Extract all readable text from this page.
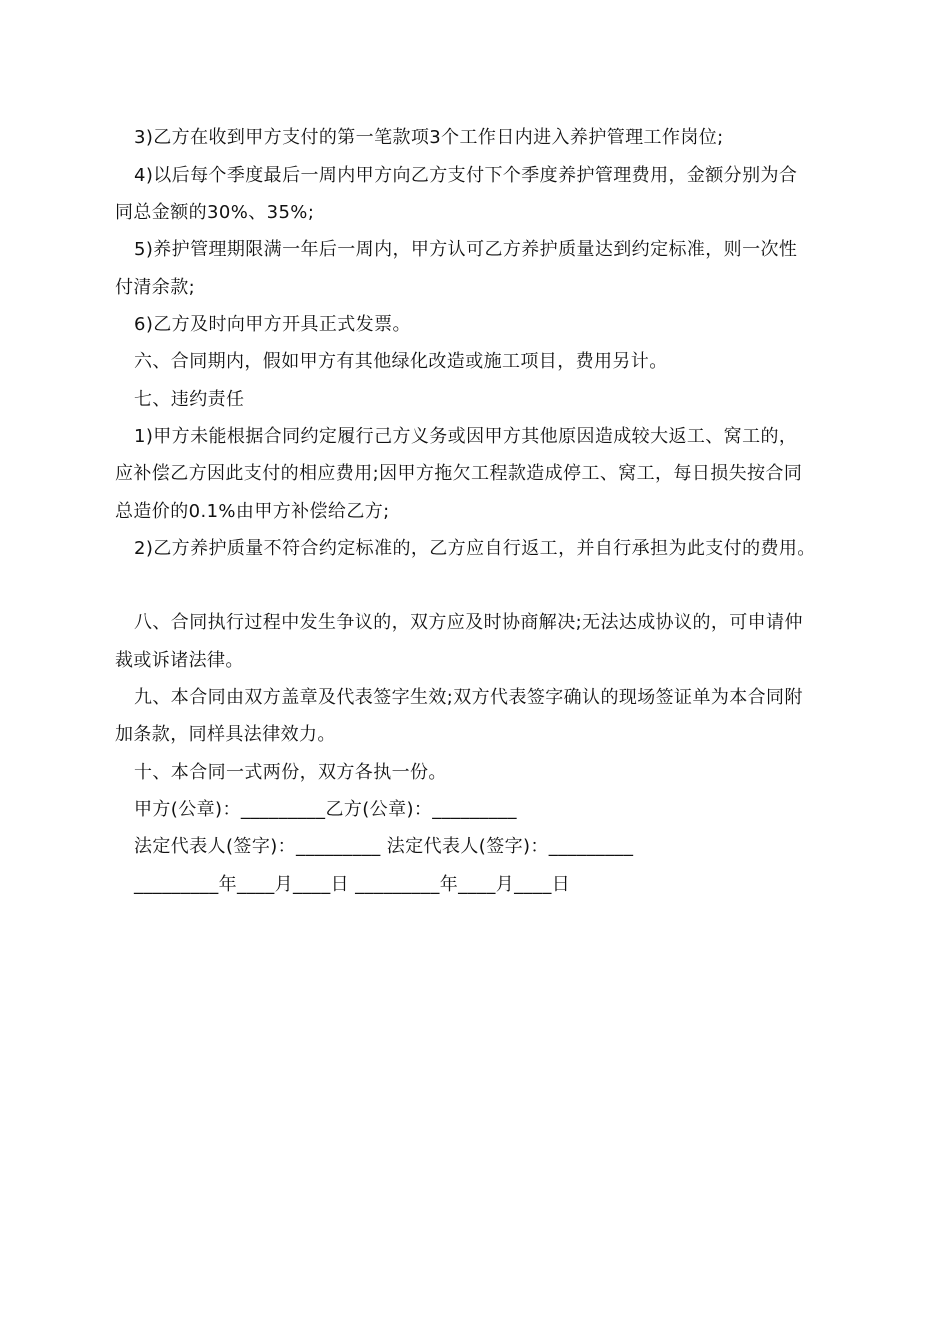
3)乙方在收到甲方支付的第一笔款项3个工作日内进入养护管理工作岗位;
4)以后每个季度最后一周内甲方向乙方支付下个季度养护管理费用，金额分别为合
同总金额的30%、35%;
5)养护管理期限满一年后一周内，甲方认可乙方养护质量达到约定标准，则一次性
付清余款;
6)乙方及时向甲方开具正式发票。
六、合同期内，假如甲方有其他绿化改造或施工项目，费用另计。
七、违约责任
1)甲方未能根据合同约定履行己方义务或因甲方其他原因造成较大返工、窝工的，
应补偿乙方因此支付的相应费用;因甲方拖欠工程款造成停工、窝工，每日损失按合同
总造价的0.1%由甲方补偿给乙方;
2)乙方养护质量不符合约定标准的，乙方应自行返工，并自行承担为此支付的费用。
八、合同执行过程中发生争议的，双方应及时协商解决;无法达成协议的，可申请仲
裁或诉诸法律。
九、本合同由双方盖章及代表签字生效;双方代表签字确认的现场签证单为本合同附
加条款，同样具法律效力。
十、本合同一式两份，双方各执一份。
甲方(公章)：_________乙方(公章)：_________
法定代表人(签字)：_________ 法定代表人(签字)：_________
_________年____月____日 _________年____月____日
